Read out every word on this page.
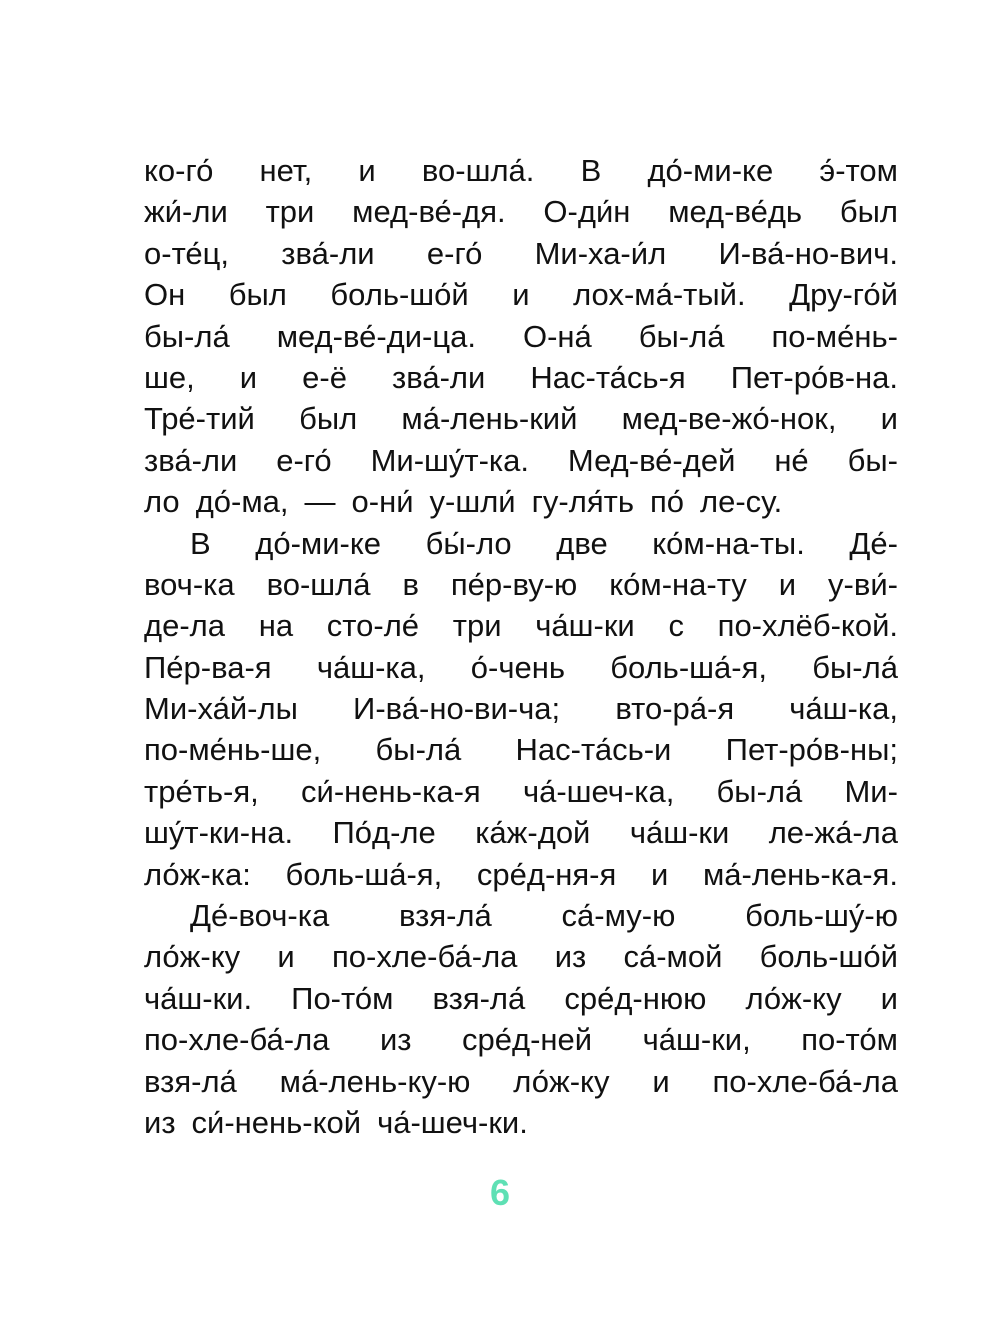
ко-го́ нет, и во-шла́. В до́-ми-ке э́-том
жи́-ли три мед-ве́-дя. О-ди́н мед-ве́дь был
о-те́ц, зва́-ли е-го́ Ми-ха-и́л И-ва́-но-вич.
Он был боль-шо́й и лох-ма́-тый. Дру-го́й
бы-ла́ мед-ве́-ди-ца. О-на́ бы-ла́ по-ме́нь-
ше, и е-ё зва́-ли Нас-та́сь-я Пет-ро́в-на.
Тре́-тий был ма́-лень-кий мед-ве-жо́-нок, и
зва́-ли е-го́ Ми-шу́т-ка. Мед-ве́-дей не́ бы-
ло до́-ма, — о-ни́ у-шли́ гу-ля́ть по́ ле-су.
В до́-ми-ке бы́-ло две ко́м-на-ты. Де́-
воч-ка во-шла́ в пе́р-ву-ю ко́м-на-ту и у-ви́-
де-ла на сто-ле́ три ча́ш-ки с по-хлёб-кой.
Пе́р-ва-я ча́ш-ка, о́-чень боль-ша́-я, бы-ла́
Ми-ха́й-лы И-ва́-но-ви-ча; вто-ра́-я ча́ш-ка,
по-ме́нь-ше, бы-ла́ Нас-та́сь-и Пет-ро́в-ны;
тре́ть-я, си́-нень-ка-я ча́-шеч-ка, бы-ла́ Ми-
шу́т-ки-на. По́д-ле ка́ж-дой ча́ш-ки ле-жа́-ла
ло́ж-ка: боль-ша́-я, сре́д-ня-я и ма́-лень-ка-я.
Де́-воч-ка взя-ла́ са́-му-ю боль-шу́-ю
ло́ж-ку и по-хле-ба́-ла из са́-мой боль-шо́й
ча́ш-ки. По-то́м взя-ла́ сре́д-нюю ло́ж-ку и
по-хле-ба́-ла из сре́д-ней ча́ш-ки, по-то́м
взя-ла́ ма́-лень-ку-ю ло́ж-ку и по-хле-ба́-ла
из си́-нень-кой ча́-шеч-ки.
6
